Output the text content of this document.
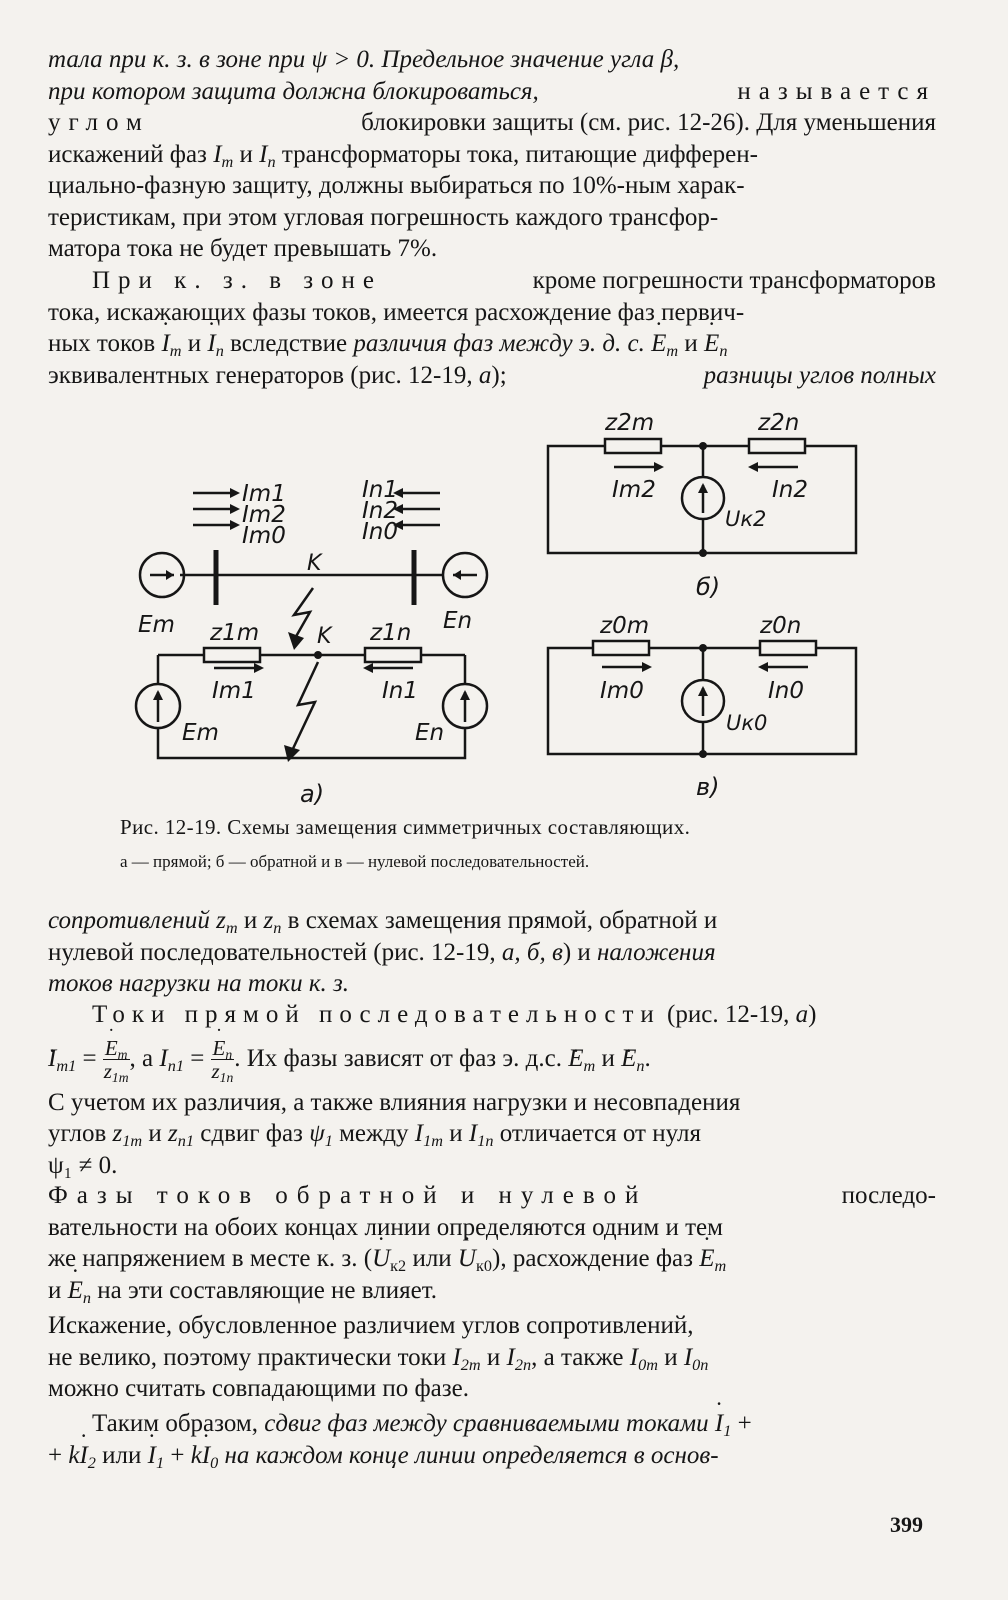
тала при к. з. в зоне при ψ > 0. Предельное значение угла β,
при котором защита должна блокироваться,	называется
углом	блокировки защиты (см. рис. 12-26). Для уменьшения
искажений фаз $I_m$ и $I_n$ трансформаторы тока, питающие дифферен-
циально-фазную защиту, должны выбираться по 10%-ным харак-
теристикам, при этом угловая погрешность каждого трансфор-
матора тока не будет превышать 7%.
При к. з. в зоне	кроме погрешности трансформаторов
тока, искажающих фазы токов, имеется расхождение фаз первич-
ных токов ˙ $I_m$ и ˙ $I_n$ вследствие различия фаз между э. д. с. ˙ $E_m$ и ˙ $E_n$
эквивалентных генераторов (рис. 12-19, а);	разницы углов полных
Im1
Im2
Im0
In1
In2
In0
K
K
Em	En
z1m	z1n
Im1	In1
Em	En
а)
z2m	z2n
Im2	In2
Uк2
б)
z0m	z0n
Im0	In0
Uк0
в)
Рис. 12-19. Схемы замещения симметричных составляющих.
а — прямой; б — обратной и в — нулевой последовательностей.
сопротивлений $z_m$ и $z_n$ в схемах замещения прямой, обратной и
нулевой последовательностей (рис. 12-19, а, б, в) и наложения
токов нагрузки на токи к. з.
Токи прямой последовательности (рис. 12-19, а)
˙ $I_{m1}$ = ˙ $\frac{E_m}{z_{1m}}$ , а $I_{n1}$ = ˙ $\frac{E_n}{z_{1n}}$ . Их фазы зависят от фаз э. д.с. ˙ $E_m$ и ˙ $E_n$.
С учетом их различия, а также влияния нагрузки и несовпадения
углов $z_{1m}$ и $z_{n1}$ сдвиг фаз $\psi_1$ между $I_{1m}$ и $I_{1n}$ отличается от нуля
ψ₁ ≠ 0.
Фазы токов обратной и нулевой	последо-
вательности на обоих концах линии определяются одним и тем
же напряжением в месте к. з. (˙ $U_{к2}$ или ˙ $U_{к0}$), расхождение фаз ˙ $E_m$
и ˙ $E_n$ на эти составляющие не влияет.
Искажение, обусловленное различием углов сопротивлений,
не велико, поэтому практически токи $I_{2m}$ и $I_{2n}$, а также $I_{0m}$ и $I_{0n}$
можно считать совпадающими по фазе.
Таким образом, сдвиг фаз между сравниваемыми токами ˙ $I_1$ +
+ k˙ $I_2$ или ˙ $I_1$ + k˙ $I_0$ на каждом конце линии определяется в основ-
399
